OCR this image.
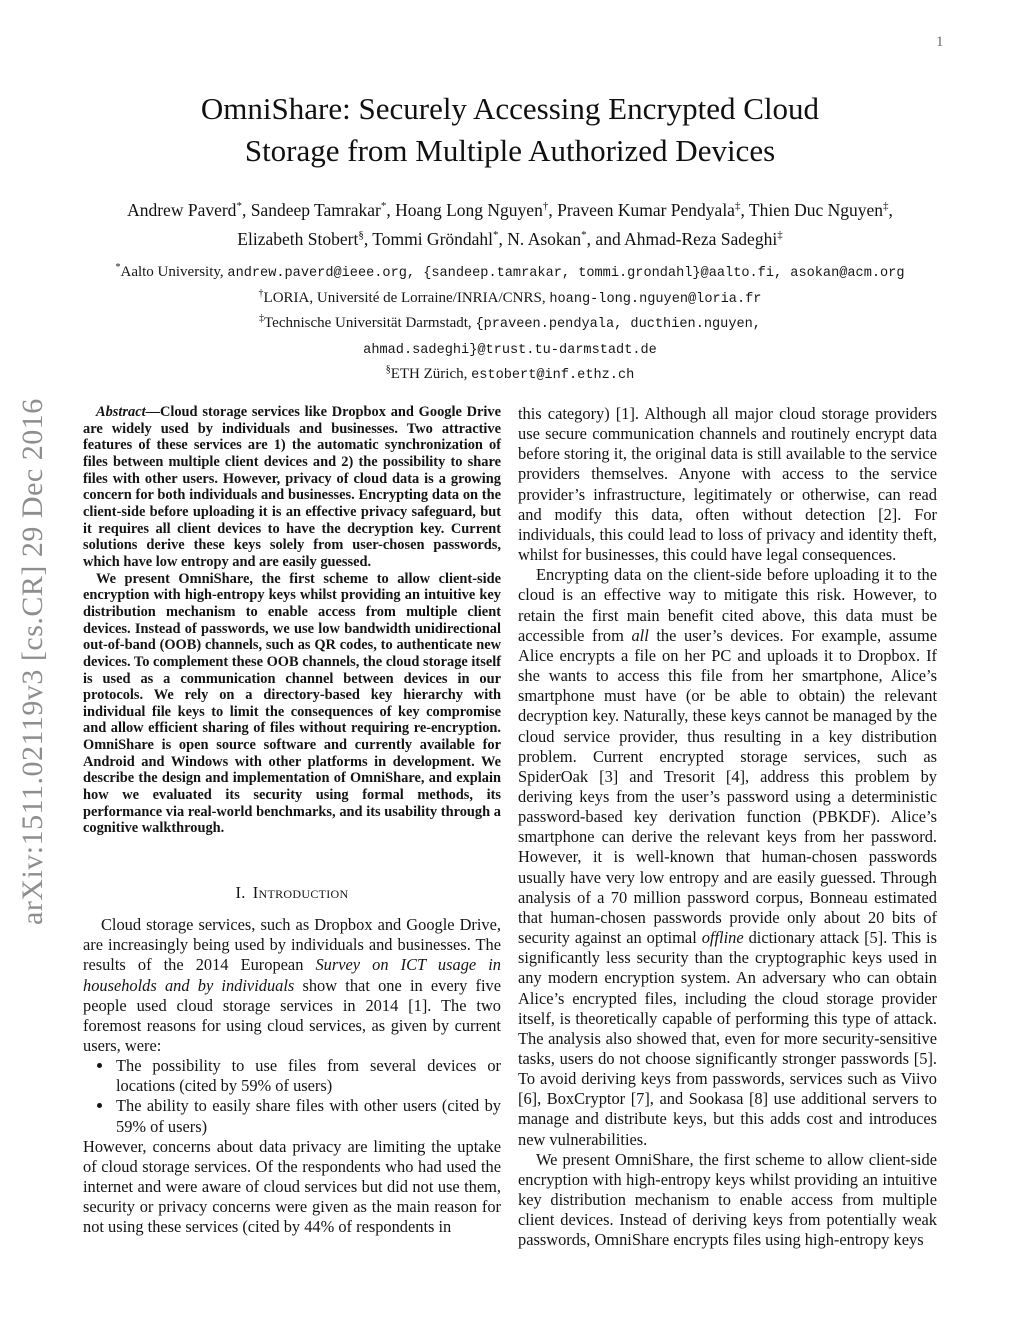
1
arXiv:1511.02119v3 [cs.CR] 29 Dec 2016
OmniShare: Securely Accessing Encrypted Cloud
Storage from Multiple Authorized Devices
Andrew Paverd*, Sandeep Tamrakar*, Hoang Long Nguyen†, Praveen Kumar Pendyala‡, Thien Duc Nguyen‡,
Elizabeth Stobert§, Tommi Gröndahl*, N. Asokan*, and Ahmad-Reza Sadeghi‡
*Aalto University, andrew.paverd@ieee.org, {sandeep.tamrakar, tommi.grondahl}@aalto.fi, asokan@acm.org
†LORIA, Université de Lorraine/INRIA/CNRS, hoang-long.nguyen@loria.fr
‡Technische Universität Darmstadt, {praveen.pendyala, ducthien.nguyen,
ahmad.sadeghi}@trust.tu-darmstadt.de
§ETH Zürich, estobert@inf.ethz.ch

Abstract—Cloud storage services like Dropbox and Google Drive are widely used by individuals and businesses. Two attractive features of these services are 1) the automatic synchronization of files between multiple client devices and 2) the possibility to share files with other users. However, privacy of cloud data is a growing concern for both individuals and businesses. Encrypting data on the client-side before uploading it is an effective privacy safeguard, but it requires all client devices to have the decryption key. Current solutions derive these keys solely from user-chosen passwords, which have low entropy and are easily guessed.

We present OmniShare, the first scheme to allow client-side encryption with high-entropy keys whilst providing an intuitive key distribution mechanism to enable access from multiple client devices. Instead of passwords, we use low bandwidth unidirectional out-of-band (OOB) channels, such as QR codes, to authenticate new devices. To complement these OOB channels, the cloud storage itself is used as a communication channel between devices in our protocols. We rely on a directory-based key hierarchy with individual file keys to limit the consequences of key compromise and allow efficient sharing of files without requiring re-encryption. OmniShare is open source software and currently available for Android and Windows with other platforms in development. We describe the design and implementation of OmniShare, and explain how we evaluated its security using formal methods, its performance via real-world benchmarks, and its usability through a cognitive walkthrough.

I. Introduction

Cloud storage services, such as Dropbox and Google Drive, are increasingly being used by individuals and businesses. The results of the 2014 European Survey on ICT usage in households and by individuals show that one in every five people used cloud storage services in 2014 [1]. The two foremost reasons for using cloud services, as given by current users, were:

• The possibility to use files from several devices or locations (cited by 59% of users)
• The ability to easily share files with other users (cited by 59% of users)

However, concerns about data privacy are limiting the uptake of cloud storage services. Of the respondents who had used the internet and were aware of cloud services but did not use them, security or privacy concerns were given as the main reason for not using these services (cited by 44% of respondents in

this category) [1]. Although all major cloud storage providers use secure communication channels and routinely encrypt data before storing it, the original data is still available to the service providers themselves. Anyone with access to the service provider’s infrastructure, legitimately or otherwise, can read and modify this data, often without detection [2]. For individuals, this could lead to loss of privacy and identity theft, whilst for businesses, this could have legal consequences.

Encrypting data on the client-side before uploading it to the cloud is an effective way to mitigate this risk. However, to retain the first main benefit cited above, this data must be accessible from all the user’s devices. For example, assume Alice encrypts a file on her PC and uploads it to Dropbox. If she wants to access this file from her smartphone, Alice’s smartphone must have (or be able to obtain) the relevant decryption key. Naturally, these keys cannot be managed by the cloud service provider, thus resulting in a key distribution problem. Current encrypted storage services, such as SpiderOak [3] and Tresorit [4], address this problem by deriving keys from the user’s password using a deterministic password-based key derivation function (PBKDF). Alice’s smartphone can derive the relevant keys from her password. However, it is well-known that human-chosen passwords usually have very low entropy and are easily guessed. Through analysis of a 70 million password corpus, Bonneau estimated that human-chosen passwords provide only about 20 bits of security against an optimal offline dictionary attack [5]. This is significantly less security than the cryptographic keys used in any modern encryption system. An adversary who can obtain Alice’s encrypted files, including the cloud storage provider itself, is theoretically capable of performing this type of attack. The analysis also showed that, even for more security-sensitive tasks, users do not choose significantly stronger passwords [5]. To avoid deriving keys from passwords, services such as Viivo [6], BoxCryptor [7], and Sookasa [8] use additional servers to manage and distribute keys, but this adds cost and introduces new vulnerabilities.

We present OmniShare, the first scheme to allow client-side encryption with high-entropy keys whilst providing an intuitive key distribution mechanism to enable access from multiple client devices. Instead of deriving keys from potentially weak passwords, OmniShare encrypts files using high-entropy keys
